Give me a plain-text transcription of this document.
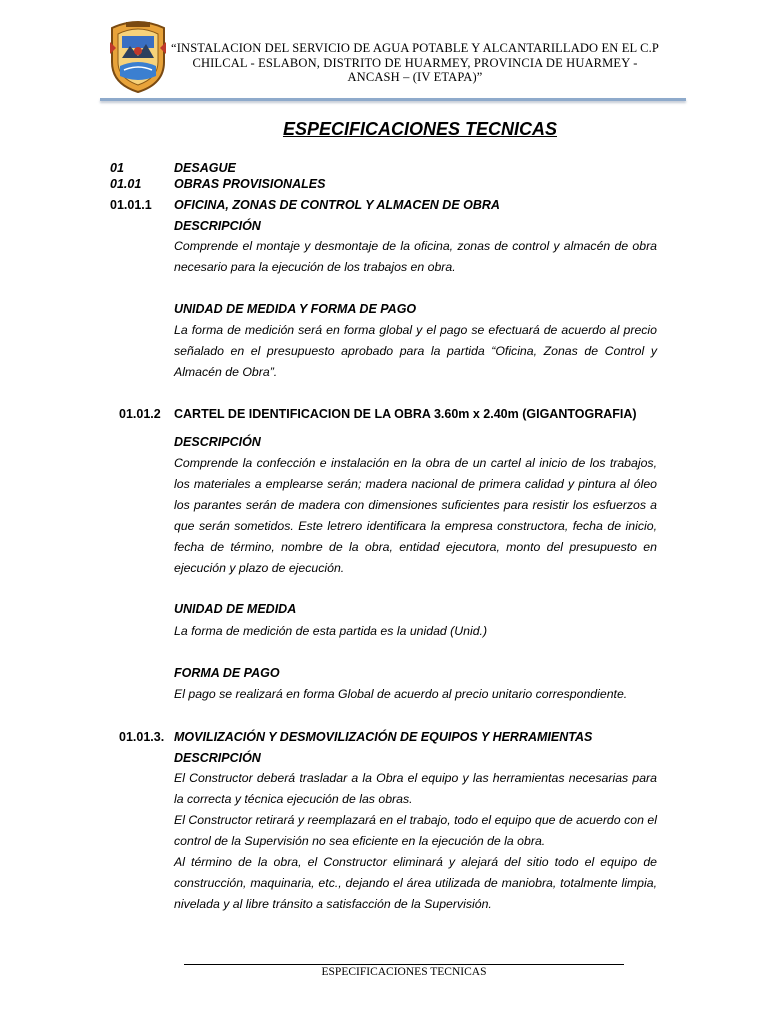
“INSTALACION DEL SERVICIO DE AGUA POTABLE Y ALCANTARILLADO EN EL C.P CHILCAL - ESLABON, DISTRITO DE HUARMEY, PROVINCIA DE HUARMEY - ANCASH – (IV ETAPA)”
ESPECIFICACIONES TECNICAS
01	DESAGUE
01.01	OBRAS PROVISIONALES
01.01.1 OFICINA, ZONAS DE CONTROL Y ALMACEN DE OBRA
DESCRIPCIÓN

Comprende el montaje y desmontaje de la oficina, zonas de control y almacén de obra necesario para la ejecución de los trabajos en obra.

UNIDAD DE MEDIDA Y FORMA DE PAGO

La forma de medición será en forma global y el pago se efectuará de acuerdo al precio señalado en el presupuesto aprobado para la partida “Oficina, Zonas de Control y Almacén de Obra”.

01.01.2 CARTEL DE IDENTIFICACION DE LA OBRA 3.60m x 2.40m (GIGANTOGRAFIA)
DESCRIPCIÓN

Comprende la confección e instalación en la obra de un cartel al inicio de los trabajos, los materiales a emplearse serán; madera nacional de primera calidad y pintura al óleo los parantes serán de madera con dimensiones suficientes para resistir los esfuerzos a que serán sometidos. Este letrero identificara la empresa constructora, fecha de inicio, fecha de término, nombre de la obra, entidad ejecutora, monto del presupuesto en ejecución y plazo de ejecución.

UNIDAD DE MEDIDA

La forma de medición de esta partida es la unidad (Unid.)

FORMA DE PAGO

El pago se realizará en forma Global de acuerdo al precio unitario correspondiente.

01.01.3. MOVILIZACIÓN Y DESMOVILIZACIÓN DE EQUIPOS Y HERRAMIENTAS
DESCRIPCIÓN

El Constructor deberá trasladar a la Obra el equipo y las herramientas necesarias para la correcta y técnica ejecución de las obras.

El Constructor retirará y reemplazará en el trabajo, todo el equipo que de acuerdo con el control de la Supervisión no sea eficiente en la ejecución de la obra.

Al término de la obra, el Constructor eliminará y alejará del sitio todo el equipo de construcción, maquinaria, etc., dejando el área utilizada de maniobra, totalmente limpia, nivelada y al libre tránsito a satisfacción de la Supervisión.

ESPECIFICACIONES TECNICAS
